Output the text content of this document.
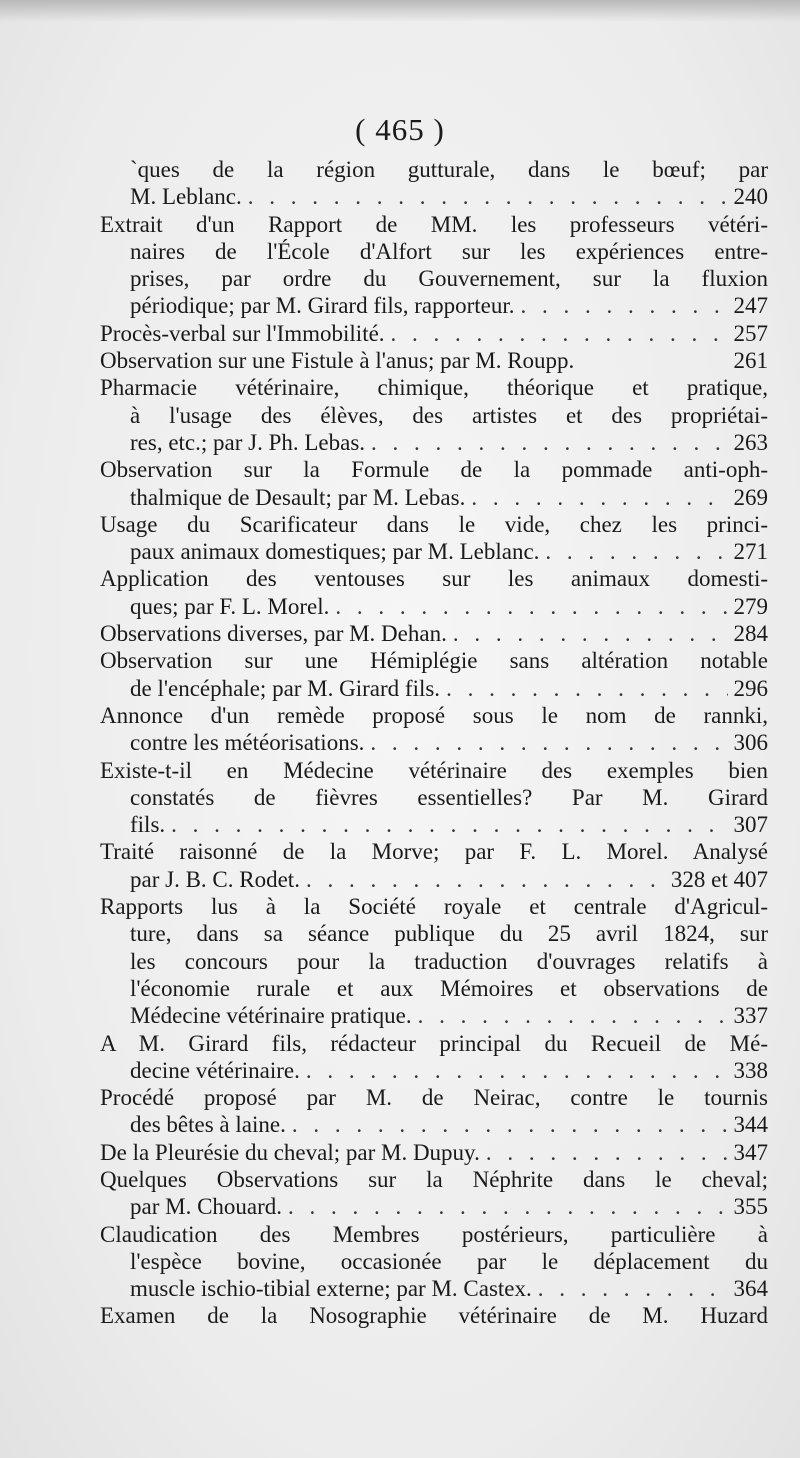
( 465 )
`ques de la région gutturale, dans le bœuf; par
M. Leblanc. . . .	240
Extrait d'un Rapport de MM. les professeurs vétéri-
naires de l'École d'Alfort sur les expériences entre-
prises, par ordre du Gouvernement, sur la fluxion
périodique; par M. Girard fils, rapporteur. . . .	247
Procès-verbal sur l'Immobilité. . . .	257
Observation sur une Fistule à l'anus; par M. Roupp.	261
Pharmacie vétérinaire, chimique, théorique et pratique,
à l'usage des élèves, des artistes et des propriétai-
res, etc.; par J. Ph. Lebas. . . .	263
Observation sur la Formule de la pommade anti-oph-
thalmique de Desault; par M. Lebas. . . .	269
Usage du Scarificateur dans le vide, chez les princi-
paux animaux domestiques; par M. Leblanc. . . .	271
Application des ventouses sur les animaux domesti-
ques; par F. L. Morel. . . .	279
Observations diverses, par M. Dehan. . . .	284
Observation sur une Hémiplégie sans altération notable
de l'encéphale; par M. Girard fils. . . .	296
Annonce d'un remède proposé sous le nom de rannki,
contre les météorisations. . . .	306
Existe-t-il en Médecine vétérinaire des exemples bien
constatés de fièvres essentielles? Par M. Girard
fils. . . .	307
Traité raisonné de la Morve; par F. L. Morel. Analysé
par J. B. C. Rodet. . . .	328 et 407
Rapports lus à la Société royale et centrale d'Agricul-
ture, dans sa séance publique du 25 avril 1824, sur
les concours pour la traduction d'ouvrages relatifs à
l'économie rurale et aux Mémoires et observations de
Médecine vétérinaire pratique. . . .	337
A M. Girard fils, rédacteur principal du Recueil de Mé-
decine vétérinaire. . . .	338
Procédé proposé par M. de Neirac, contre le tournis
des bêtes à laine. . . .	344
De la Pleurésie du cheval; par M. Dupuy. . . .	347
Quelques Observations sur la Néphrite dans le cheval;
par M. Chouard. . . .	355
Claudication des Membres postérieurs, particulière à
l'espèce bovine, occasionée par le déplacement du
muscle ischio-tibial externe; par M. Castex. . . .	364
Examen de la Nosographie vétérinaire de M. Huzard
